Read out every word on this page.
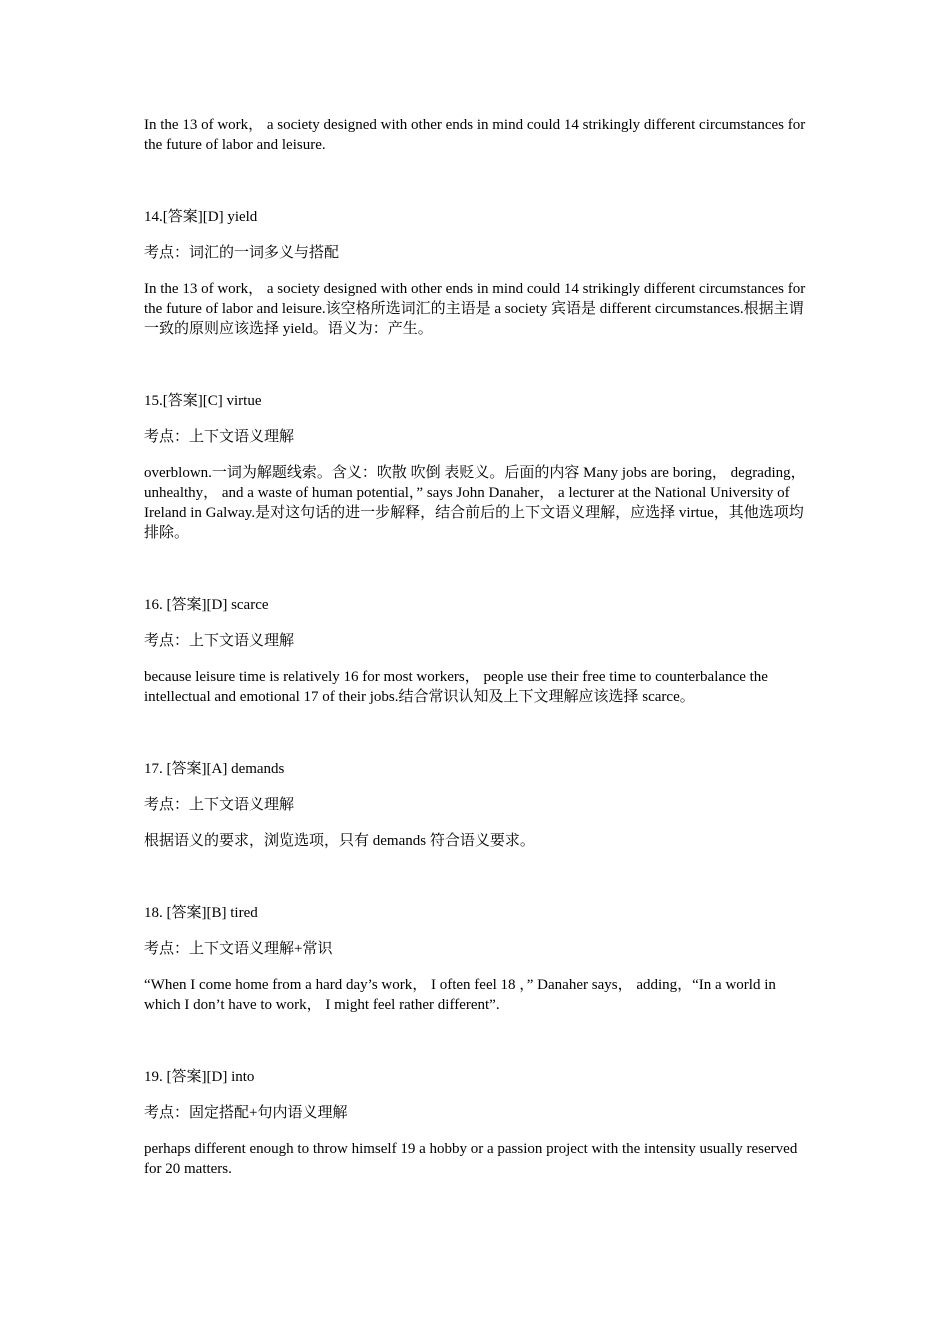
In the 13 of work， a society designed with other ends in mind could 14 strikingly different circumstances for the future of labor and leisure.

14.[答案][D] yield

考点：词汇的一词多义与搭配

In the 13 of work， a society designed with other ends in mind could 14 strikingly different circumstances for the future of labor and leisure.该空格所选词汇的主语是 a society 宾语是 different circumstances.根据主谓一致的原则应该选择 yield。语义为：产生。

15.[答案][C] virtue

考点：上下文语义理解

overblown.一词为解题线索。含义：吹散 吹倒 表贬义。后面的内容 Many jobs are boring， degrading， unhealthy， and a waste of human potential，” says John Danaher， a lecturer at the National University of Ireland in Galway.是对这句话的进一步解释，结合前后的上下文语义理解，应选择 virtue，其他选项均排除。

16. [答案][D] scarce

考点：上下文语义理解

because leisure time is relatively 16 for most workers， people use their free time to counterbalance the intellectual and emotional 17 of their jobs.结合常识认知及上下文理解应该选择 scarce。

17. [答案][A] demands

考点：上下文语义理解

根据语义的要求，浏览选项，只有 demands 符合语义要求。

18. [答案][B] tired

考点：上下文语义理解+常识

“When I come home from a hard day’s work， I often feel 18 ，” Danaher says， adding，“In a world in which I don’t have to work， I might feel rather different”.

19. [答案][D] into

考点：固定搭配+句内语义理解

perhaps different enough to throw himself 19 a hobby or a passion project with the intensity usually reserved for 20 matters.
